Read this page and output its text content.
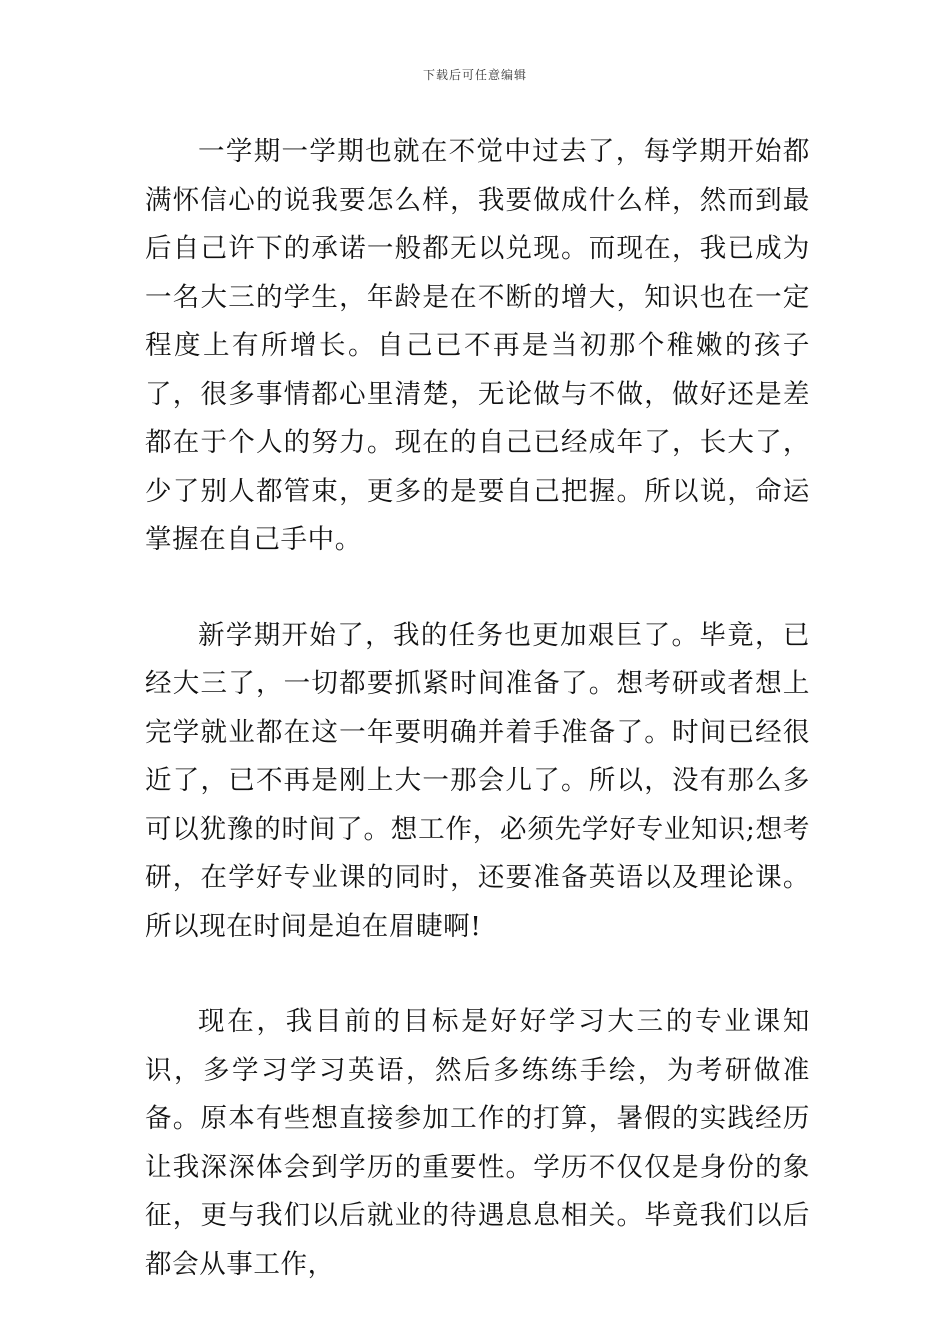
下载后可任意编辑

一学期一学期也就在不觉中过去了，每学期开始都满怀信心的说我要怎么样，我要做成什么样，然而到最后自己许下的承诺一般都无以兑现。而现在，我已成为一名大三的学生，年龄是在不断的增大，知识也在一定程度上有所增长。自己已不再是当初那个稚嫩的孩子了，很多事情都心里清楚，无论做与不做，做好还是差都在于个人的努力。现在的自己已经成年了，长大了，少了别人都管束，更多的是要自己把握。所以说，命运掌握在自己手中。

新学期开始了，我的任务也更加艰巨了。毕竟，已经大三了，一切都要抓紧时间准备了。想考研或者想上完学就业都在这一年要明确并着手准备了。时间已经很近了，已不再是刚上大一那会儿了。所以，没有那么多可以犹豫的时间了。想工作，必须先学好专业知识;想考研，在学好专业课的同时，还要准备英语以及理论课。所以现在时间是迫在眉睫啊!

现在，我目前的目标是好好学习大三的专业课知识，多学习学习英语，然后多练练手绘，为考研做准备。原本有些想直接参加工作的打算，暑假的实践经历让我深深体会到学历的重要性。学历不仅仅是身份的象征，更与我们以后就业的待遇息息相关。毕竟我们以后都会从事工作，
